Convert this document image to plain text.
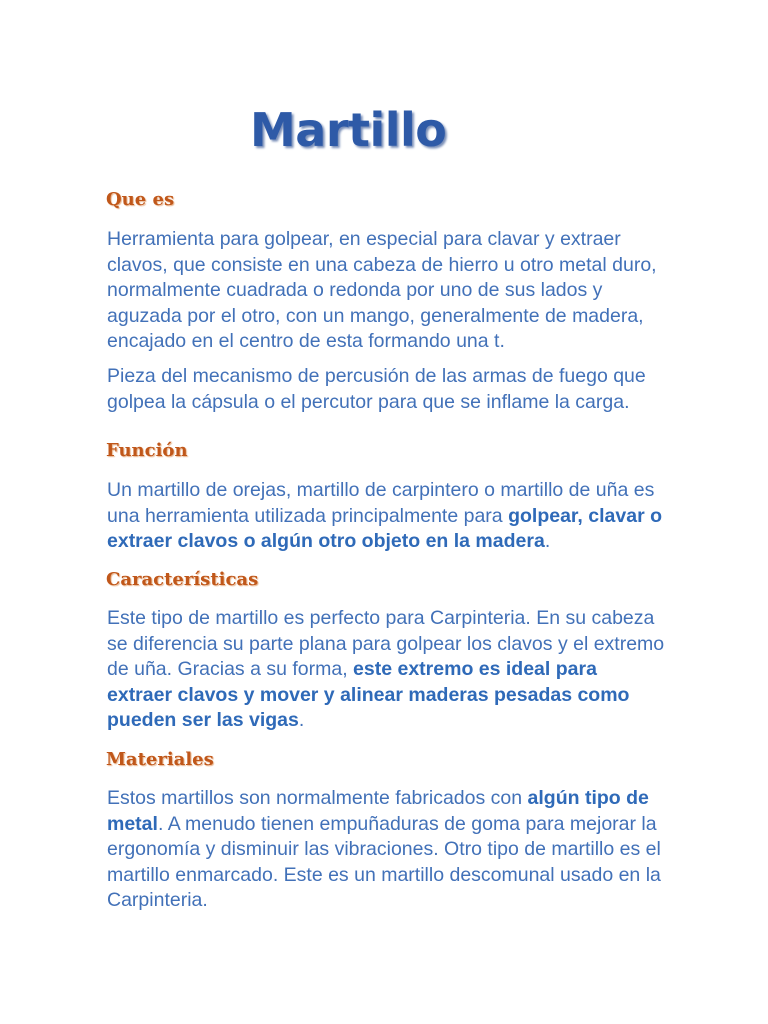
Martillo
Que es

Herramienta para golpear, en especial para clavar y extraer clavos, que consiste en una cabeza de hierro u otro metal duro, normalmente cuadrada o redonda por uno de sus lados y aguzada por el otro, con un mango, generalmente de madera, encajado en el centro de esta formando una t.

Pieza del mecanismo de percusión de las armas de fuego que golpea la cápsula o el percutor para que se inflame la carga.

Función

Un martillo de orejas, martillo de carpintero o martillo de uña es una herramienta utilizada principalmente para golpear, clavar o extraer clavos o algún otro objeto en la madera.

Características

Este tipo de martillo es perfecto para Carpinteria. En su cabeza se diferencia su parte plana para golpear los clavos y el extremo de uña. Gracias a su forma, este extremo es ideal para extraer clavos y mover y alinear maderas pesadas como pueden ser las vigas.

Materiales

Estos martillos son normalmente fabricados con algún tipo de metal. A menudo tienen empuñaduras de goma para mejorar la ergonomía y disminuir las vibraciones. Otro tipo de martillo es el martillo enmarcado. Este es un martillo descomunal usado en la Carpinteria.
